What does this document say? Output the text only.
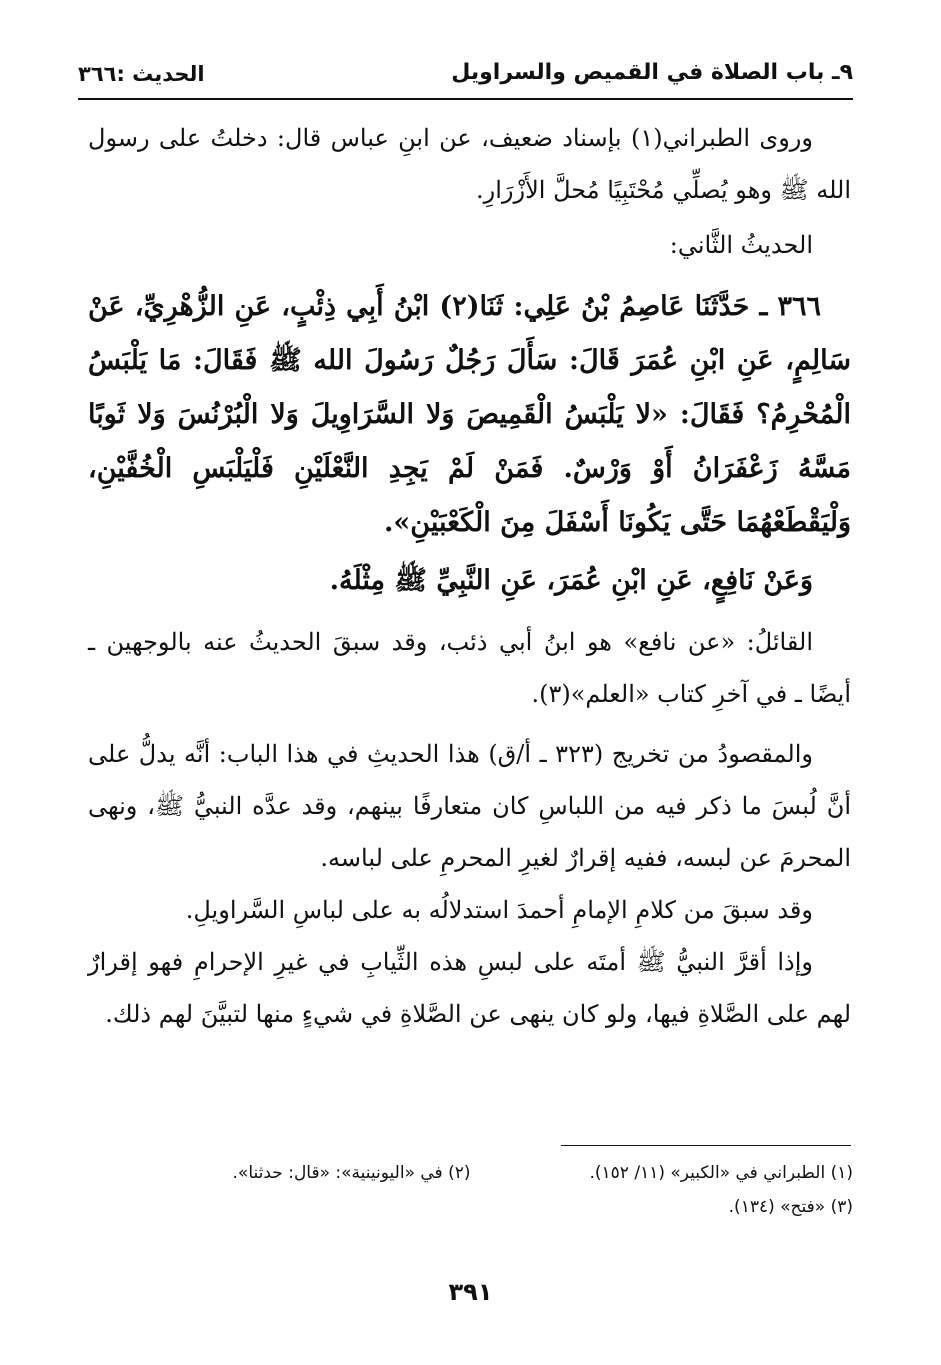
٩ـ باب الصلاة في القميص والسراويل
الحديث :٣٦٦

وروى الطبراني(١) بإسناد ضعيف، عن ابنِ عباس قال: دخلتُ على رسول الله ﷺ وهو يُصلِّي مُحْتَبِيًا مُحلَّ الأَزْرَارِ.

الحديثُ الثَّاني:

٣٦٦ ـ حَدَّثَنَا عَاصِمُ بْنُ عَلِي: ثَنَا(٢) ابْنُ أَبِي ذِئْبٍ، عَنِ الزُّهْرِيِّ، عَنْ سَالِمٍ، عَنِ ابْنِ عُمَرَ قَالَ: سَأَلَ رَجُلٌ رَسُولَ الله ﷺ فَقَالَ: مَا يَلْبَسُ الْمُحْرِمُ؟ فَقَالَ: «لا يَلْبَسُ الْقَمِيصَ وَلا السَّرَاوِيلَ وَلا الْبُرْنُسَ وَلا ثَوبًا مَسَّهُ زَعْفَرَانُ أَوْ وَرْسٌ. فَمَنْ لَمْ يَجِدِ النَّعْلَيْنِ فَلْيَلْبَسِ الْخُفَّيْنِ، وَلْيَقْطَعْهُمَا حَتَّى يَكُونَا أَسْفَلَ مِنَ الْكَعْبَيْنِ».

وَعَنْ نَافِعٍ، عَنِ ابْنِ عُمَرَ، عَنِ النَّبِيِّ ﷺ مِثْلَهُ.

القائلُ: «عن نافع» هو ابنُ أبي ذئب، وقد سبقَ الحديثُ عنه بالوجهين ـ أيضًا ـ في آخرِ كتاب «العلم»(٣).

والمقصودُ من تخريج (٣٢٣ ـ أ/ق) هذا الحديثِ في هذا الباب: أنَّه يدلُّ على أنَّ لُبسَ ما ذكر فيه من اللباسِ كان متعارفًا بينهم، وقد عدَّه النبيُّ ﷺ، ونهى المحرمَ عن لبسه، ففيه إقرارٌ لغيرِ المحرمِ على لباسه.

وقد سبقَ من كلامِ الإمامِ أحمدَ استدلالُه به على لباسِ السَّراويلِ.

وإذا أقرَّ النبيُّ ﷺ أمتَه على لبسِ هذه الثِّيابِ في غيرِ الإحرامِ فهو إقرارٌ لهم على الصَّلاةِ فيها، ولو كان ينهى عن الصَّلاةِ في شيءٍ منها لتبيَّنَ لهم ذلك.

(١) الطبراني في «الكبير» (١١/ ١٥٢).
(٢) في «اليونينية»: «قال: حدثنا».
(٣) «فتح» (١٣٤).
٣٩١
